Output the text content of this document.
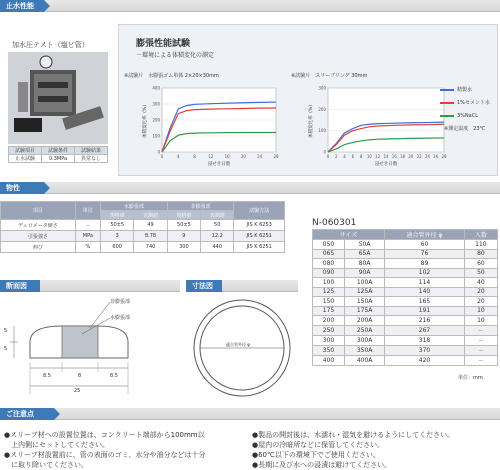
止水性能
加水圧テスト（塩ビ管）
試験項目	試験条件	試験結果
止水試験	0.3MPa	異常なし
膨張性能試験
－環境による体積変化の測定
※試験片　水膨張ゴム単体 2×20×30mm	※試験片　スリーブリング 30mm
0
100
200
300
400
0	4	8	12	16	20	24	28
浸せき日数
体積変化率（%）
0
100
200
300
0 2 4 6 8 10 12 14 16 18 20 22 24 26 28
浸せき日数
体積変化率（%）
精製水
1%セメント水
3%NaCL
※測定温度　23℃
物性
項目	単位	水膨張部		非膨張部		試験方法
		規格値	実測値	規格値	実測値	
デュロメータ硬さ	－	50±5	49	50±5	50	JIS K 6253
引張強さ	MPa	3	8.78	9	12.2	JIS K 6251
伸び	%	600	740	300	440	JIS K 6251
N-060301
サイズ		適合管外径 φ	入数
050	50A	60	110
065	65A	76	80
080	80A	89	60
090	90A	102	50
100	100A	114	40
125	125A	140	20
150	150A	165	20
175	175A	191	10
200	200A	216	10
250	250A	267	－
300	300A	318	－
350	350A	370	－
400	400A	420	－
単位：mm
断面図	寸法図
非膨張部
水膨張部
5
5
8.5	8	8.5
25
適合管外径 φ
ご注意点
●スリーブ材への設置位置は、コンクリート端部から100mm以
　上内側にセットしてください。
●スリーブ材設置前に、管の表面のゴミ、水分や油分などは十分
　に取り除いてください。
●製品の開封後は、水濡れ・湿気を避けるようにしてください。
●屋内の冷暗所などに保管してください。
●60℃以下の環境下でご使用ください。
●長期に及び水への浸漬は避けてください。
